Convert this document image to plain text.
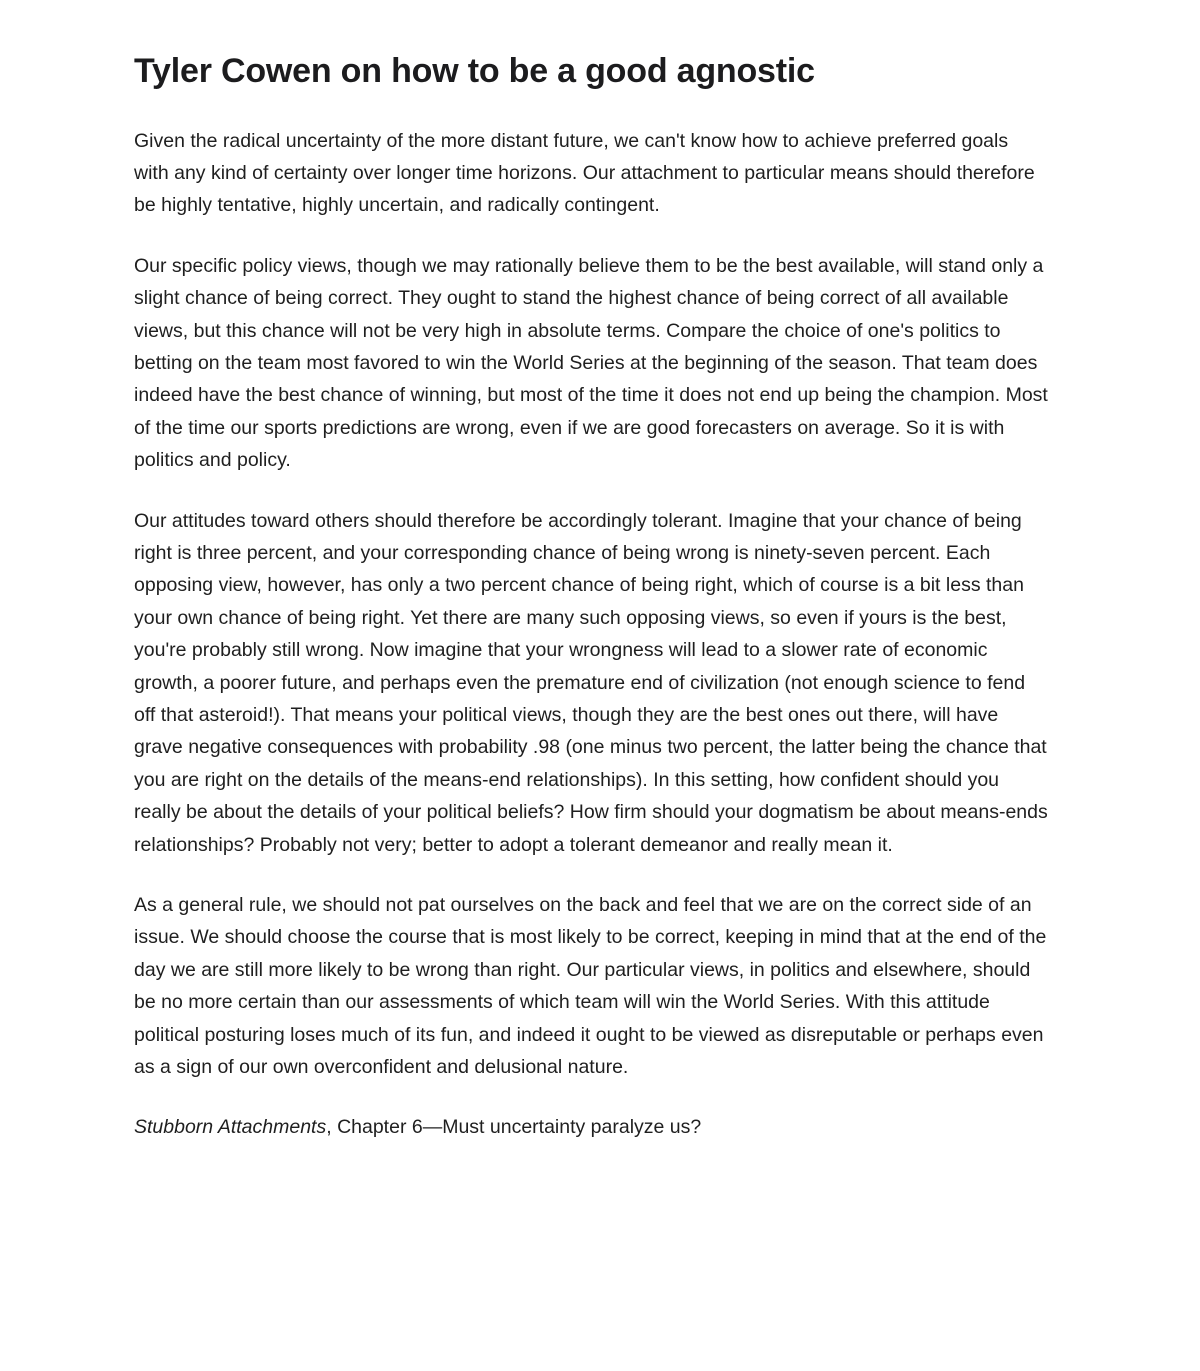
Tyler Cowen on how to be a good agnostic

Given the radical uncertainty of the more distant future, we can't know how to achieve preferred goals with any kind of certainty over longer time horizons. Our attachment to particular means should therefore be highly tentative, highly uncertain, and radically contingent.

Our specific policy views, though we may rationally believe them to be the best available, will stand only a slight chance of being correct. They ought to stand the highest chance of being correct of all available views, but this chance will not be very high in absolute terms. Compare the choice of one's politics to betting on the team most favored to win the World Series at the beginning of the season. That team does indeed have the best chance of winning, but most of the time it does not end up being the champion. Most of the time our sports predictions are wrong, even if we are good forecasters on average. So it is with politics and policy.

Our attitudes toward others should therefore be accordingly tolerant. Imagine that your chance of being right is three percent, and your corresponding chance of being wrong is ninety-seven percent. Each opposing view, however, has only a two percent chance of being right, which of course is a bit less than your own chance of being right. Yet there are many such opposing views, so even if yours is the best, you're probably still wrong. Now imagine that your wrongness will lead to a slower rate of economic growth, a poorer future, and perhaps even the premature end of civilization (not enough science to fend off that asteroid!). That means your political views, though they are the best ones out there, will have grave negative consequences with probability .98 (one minus two percent, the latter being the chance that you are right on the details of the means-end relationships). In this setting, how confident should you really be about the details of your political beliefs? How firm should your dogmatism be about means-ends relationships? Probably not very; better to adopt a tolerant demeanor and really mean it.

As a general rule, we should not pat ourselves on the back and feel that we are on the correct side of an issue. We should choose the course that is most likely to be correct, keeping in mind that at the end of the day we are still more likely to be wrong than right. Our particular views, in politics and elsewhere, should be no more certain than our assessments of which team will win the World Series. With this attitude political posturing loses much of its fun, and indeed it ought to be viewed as disreputable or perhaps even as a sign of our own overconfident and delusional nature.

Stubborn Attachments, Chapter 6—Must uncertainty paralyze us?
